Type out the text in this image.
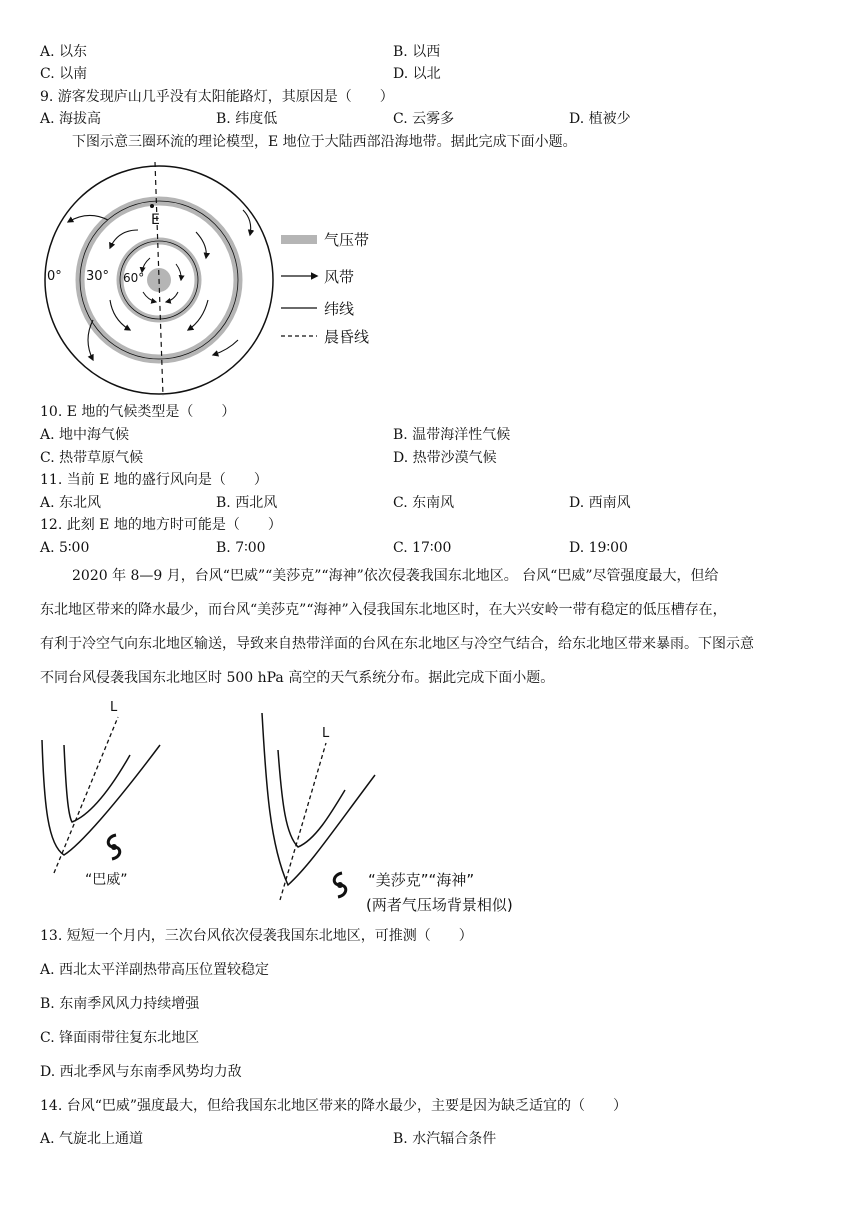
A. 以东	B. 以西
C. 以南	D. 以北
9. 游客发现庐山几乎没有太阳能路灯，其原因是（　　）
A. 海拔高	B. 纬度低	C. 云雾多	D. 植被少
下图示意三圈环流的理论模型，E 地位于大陆西部沿海地带。据此完成下面小题。
E
0° 30° 60°
气压带
风带
纬线
晨昏线
10. E 地的气候类型是（　　）
A. 地中海气候	B. 温带海洋性气候
C. 热带草原气候	D. 热带沙漠气候
11. 当前 E 地的盛行风向是（　　）
A. 东北风	B. 西北风	C. 东南风	D. 西南风
12. 此刻 E 地的地方时可能是（　　）
A. 5∶00	B. 7∶00	C. 17∶00	D. 19∶00
2020 年 8—9 月，台风“巴威”“美莎克”“海神”依次侵袭我国东北地区。 台风“巴威”尽管强度最大，但给
东北地区带来的降水最少，而台风“美莎克”“海神”入侵我国东北地区时，在大兴安岭一带有稳定的低压槽存在，
有利于冷空气向东北地区输送，导致来自热带洋面的台风在东北地区与冷空气结合，给东北地区带来暴雨。下图示意
不同台风侵袭我国东北地区时 500 hPa 高空的天气系统分布。据此完成下面小题。
L
“巴威”
L
“美莎克”“海神”
(两者气压场背景相似)
13. 短短一个月内，三次台风依次侵袭我国东北地区，可推测（　　）
A. 西北太平洋副热带高压位置较稳定
B. 东南季风风力持续增强
C. 锋面雨带往复东北地区
D. 西北季风与东南季风势均力敌
14. 台风“巴威”强度最大，但给我国东北地区带来的降水最少，主要是因为缺乏适宜的（　　）
A. 气旋北上通道	B. 水汽辐合条件
